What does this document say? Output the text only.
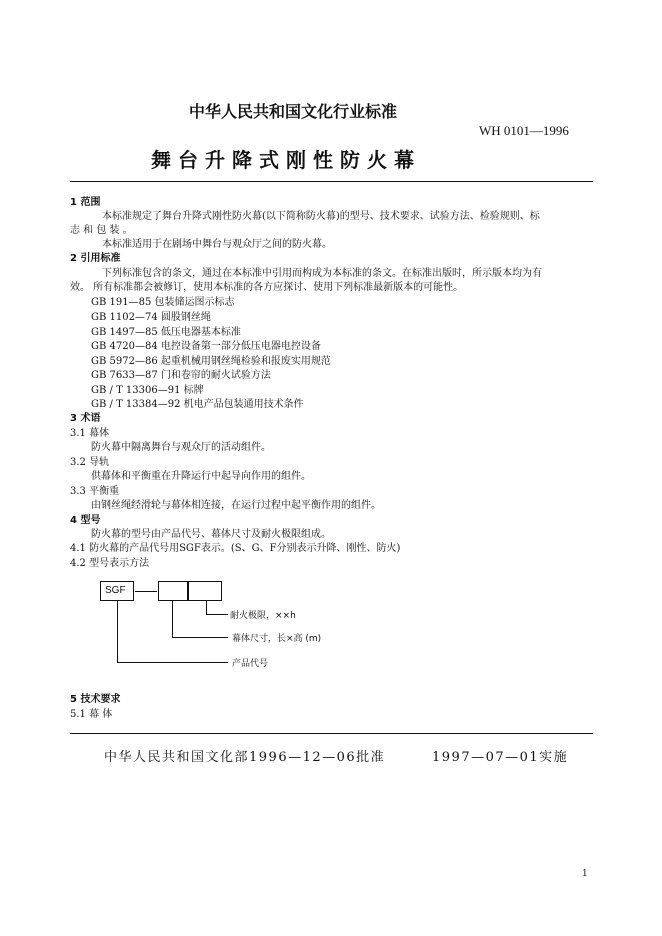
中华人民共和国文化行业标准
WH 0101—1996
舞台升降式刚性防火幕
1 范围
本标准规定了舞台升降式刚性防火幕(以下简称防火幕)的型号、技术要求、试验方法、检验规则、标
志 和 包 装 。
本标准适用于在剧场中舞台与观众厅之间的防火幕。
2 引用标准
下列标准包含的条文，通过在本标准中引用而构成为本标准的条文。在标准出版时，所示版本均为有
效。 所有标准都会被修订，使用本标准的各方应探讨、使用下列标准最新版本的可能性。
GB 191—85 包装储运图示标志
GB 1102—74 圆股钢丝绳
GB 1497—85 低压电器基本标准
GB 4720—84 电控设备第一部分低压电器电控设备
GB 5972—86 起重机械用钢丝绳检验和报废实用规范
GB 7633—87 门和卷帘的耐火试验方法
GB / T 13306—91 标牌
GB / T 13384—92 机电产品包装通用技术条件
3 术语
3.1 幕体
防火幕中隔离舞台与观众厅的活动组件。
3.2 导轨
供幕体和平衡重在升降运行中起导向作用的组件。
3.3 平衡重
由钢丝绳经滑轮与幕体相连接，在运行过程中起平衡作用的组件。
4 型号
防火幕的型号由产品代号、幕体尺寸及耐火极限组成。
4.1 防火幕的产品代号用SGF表示。(S、G、F分别表示升降、刚性、防火)
4.2 型号表示方法
SGF
耐火极限，××h
幕体尺寸，长×高 (m)
产品代号
5 技术要求
5.1 幕 体
中华人民共和国文化部1996—12—06批准	1997—07—01实施
1
